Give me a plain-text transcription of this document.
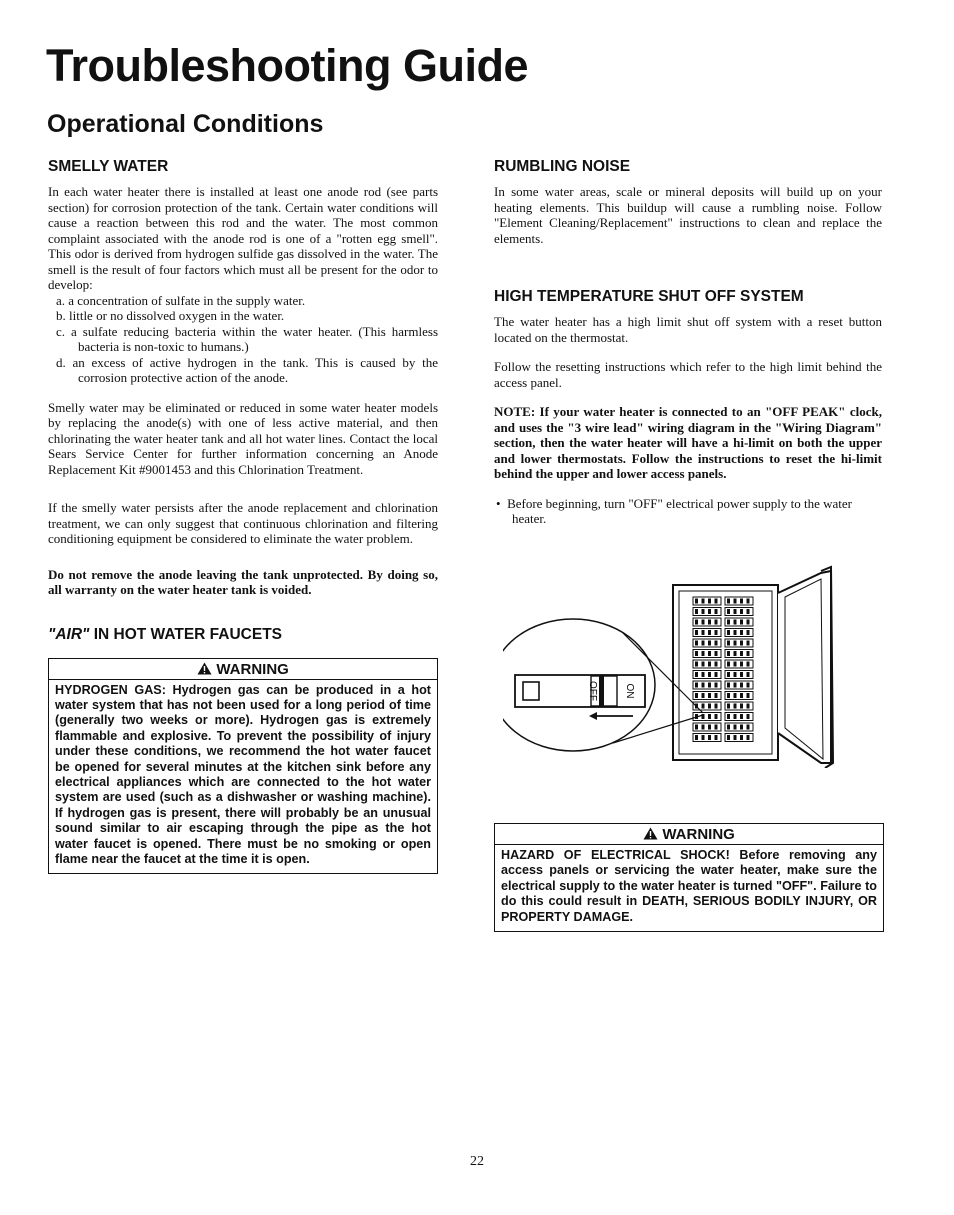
Troubleshooting Guide
Operational Conditions
SMELLY WATER

In each water heater there is installed at least one anode rod (see parts section) for corrosion protection of the tank. Certain water conditions will cause a reaction between this rod and the water. The most common complaint associated with the anode rod is one of a "rotten egg smell". This odor is derived from hydrogen sulfide gas dissolved in the water. The smell is the result of four factors which must all be present for the odor to develop:

a. a concentration of sulfate in the supply water.
b. little or no dissolved oxygen in the water.
c. a sulfate reducing bacteria within the water heater. (This harmless bacteria is non-toxic to humans.)
d. an excess of active hydrogen in the tank. This is caused by the corrosion protective action of the anode.

Smelly water may be eliminated or reduced in some water heater models by replacing the anode(s) with one of less active material, and then chlorinating the water heater tank and all hot water lines. Contact the local Sears Service Center for further information concerning an Anode Replacement Kit #9001453 and this Chlorination Treatment.

If the smelly water persists after the anode replacement and chlorination treatment, we can only suggest that continuous chlorination and filtering conditioning equipment be considered to eliminate the water problem.

Do not remove the anode leaving the tank unprotected. By doing so, all warranty on the water heater tank is voided.

"AIR" IN HOT WATER FAUCETS
WARNING
HYDROGEN GAS: Hydrogen gas can be produced in a hot water system that has not been used for a long period of time (generally two weeks or more). Hydrogen gas is extremely flammable and explosive. To prevent the possibility of injury under these conditions, we recommend the hot water faucet be opened for several minutes at the kitchen sink before any electrical appliances which are connected to the hot water system are used (such as a dishwasher or washing machine). If hydrogen gas is present, there will probably be an unusual sound similar to air escaping through the pipe as the hot water faucet is opened. There must be no smoking or open flame near the faucet at the time it is open.
RUMBLING NOISE

In some water areas, scale or mineral deposits will build up on your heating elements. This buildup will cause a rumbling noise. Follow "Element Cleaning/Replacement" instructions to clean and replace the elements.

HIGH TEMPERATURE SHUT OFF SYSTEM

The water heater has a high limit shut off system with a reset button located on the thermostat.

Follow the resetting instructions which refer to the high limit behind the access panel.

NOTE: If your water heater is connected to an "OFF PEAK" clock, and uses the "3 wire lead" wiring diagram in the "Wiring Diagram" section, then the water heater will have a hi-limit on both the upper and lower thermostats. Follow the instructions to reset the hi-limit behind the upper and lower access panels.

•  Before beginning, turn "OFF" electrical power supply to the water heater.
OFF	ON
WARNING
HAZARD OF ELECTRICAL SHOCK! Before removing any access panels or servicing the water heater, make sure the electrical supply to the water heater is turned "OFF". Failure to do this could result in DEATH, SERIOUS BODILY INJURY, OR PROPERTY DAMAGE.
22
